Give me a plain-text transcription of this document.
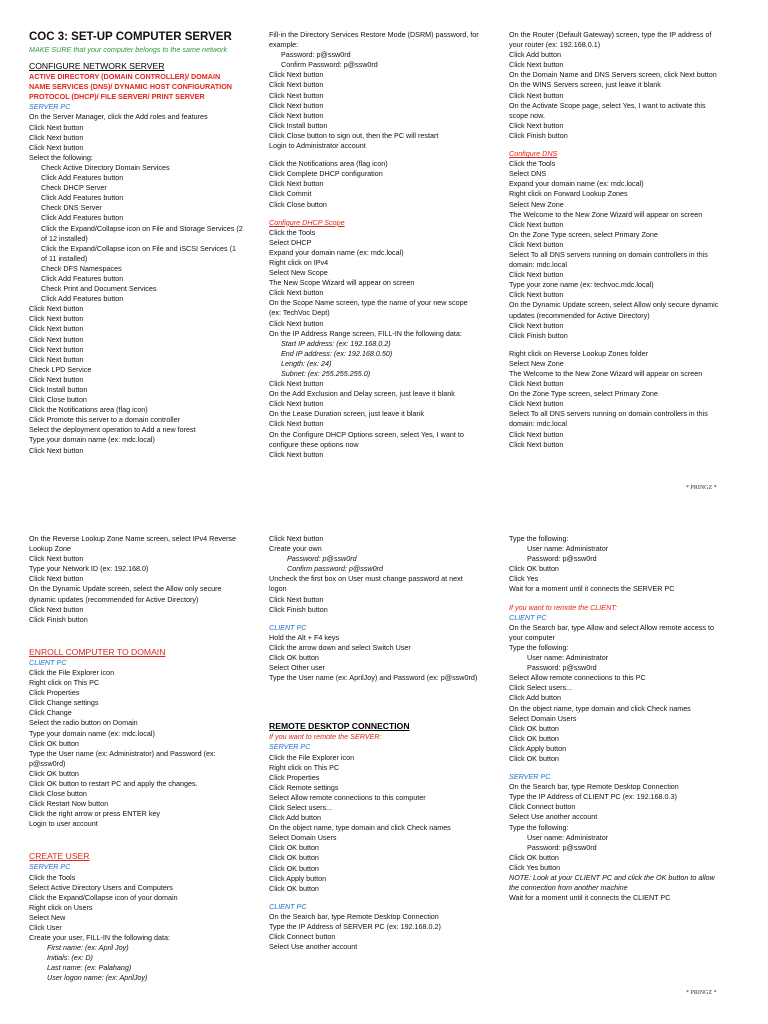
COC 3: SET-UP COMPUTER SERVER
MAKE SURE that your computer belongs to the same network
CONFIGURE NETWORK SERVER
ACTIVE DIRECTORY (DOMAIN CONTROLLER)/ DOMAIN NAME SERVICES (DNS)/ DYNAMIC HOST CONFIGURATION PROTOCOL (DHCP)/ FILE SERVER/ PRINT SERVER
SERVER PC
On the Server Manager, click the Add roles and features
Click Next button
Click Next button
Click Next button
Select the following:
Check Active Directory Domain Services
Click Add Features button
Check DHCP Server
Click Add Features button
Check DNS Server
Click Add Features button
Click the Expand/Collapse icon on File and Storage Services (2 of 12 installed)
Click the Expand/Collapse icon on File and iSCSI Services (1 of 11 installed)
Check DFS Namespaces
Click Add Features button
Check Print and Document Services
Click Add Features button
Click Next button
Click Next button
Click Next button
Click Next button
Click Next button
Click Next button
Check LPD Service
Click Next button
Click Install button
Click Close button
Click the Notifications area (flag icon)
Click Promote this server to a domain controller
Select the deployment operation to Add a new forest
Type your domain name (ex: mdc.local)
Click Next button
Fill-in the Directory Services Restore Mode (DSRM) password, for example:
Password: p@ssw0rd
Confirm Password: p@ssw0rd
Click Next button
Click Next button
Click Next button
Click Next button
Click Next button
Click Install button
Click Close button to sign out, then the PC will restart
Login to Administrator account
Click the Notifications area (flag icon)
Click Complete DHCP configuration
Click Next button
Click Commit
Click Close button
Configure DHCP Scope
Click the Tools
Select DHCP
Expand your domain name (ex: mdc.local)
Right click on IPv4
Select New Scope
The New Scope Wizard will appear on screen
Click Next button
On the Scope Name screen, type the name of your new scope (ex: TechVoc Dept)
Click Next button
On the IP Address Range screen, FILL-IN the following data:
Start IP address: (ex: 192.168.0.2)
End IP address: (ex: 192.168.0.50)
Length: (ex: 24)
Subnet: (ex: 255.255.255.0)
Click Next button
On the Add Exclusion and Delay screen, just leave it blank
Click Next button
On the Lease Duration screen, just leave it blank
Click Next button
On the Configure DHCP Options screen, select Yes, I want to configure these options now
Click Next button
On the Router (Default Gateway) screen, type the IP address of your router (ex: 192.168.0.1)
Click Add button
Click Next button
On the Domain Name and DNS Servers screen, click Next button
On the WINS Servers screen, just leave it blank
Click Next button
On the Activate Scope page, select Yes, I want to activate this scope now.
Click Next button
Click Finish button
Configure DNS
Click the Tools
Select DNS
Expand your domain name (ex: mdc.local)
Right click on Forward Lookup Zones
Select New Zone
The Welcome to the New Zone Wizard will appear on screen
Click Next button
On the Zone Type screen, select Primary Zone
Click Next button
Select To all DNS servers running on domain controllers in this domain: mdc.local
Click Next button
Type your zone name (ex: techvoc.mdc.local)
Click Next button
On the Dynamic Update screen, select Allow only secure dynamic updates (recommended for Active Directory)
Click Next button
Click Finish button
Right click on Reverse Lookup Zones folder
Select New Zone
The Welcome to the New Zone Wizard will appear on screen
Click Next button
On the Zone Type screen, select Primary Zone
Click Next button
Select To all DNS servers running on domain controllers in this domain: mdc.local
Click Next button
Click Next button
* PRINGZ *
On the Reverse Lookup Zone Name screen, select IPv4 Reverse Lookup Zone
Click Next button
Type your Network ID (ex: 192.168.0)
Click Next button
On the Dynamic Update screen, select the Allow only secure dynamic updates (recommended for Active Directory)
Click Next button
Click Finish button
ENROLL COMPUTER TO DOMAIN
CLIENT PC
Click the File Explorer icon
Right click on This PC
Click Properties
Click Change settings
Click Change
Select the radio button on Domain
Type your domain name (ex: mdc.local)
Click OK button
Type the User name (ex: Administrator) and Password (ex: p@ssw0rd)
Click OK button
Click OK button to restart PC and apply the changes.
Click Close button
Click Restart Now button
Click the right arrow or press ENTER key
Login to user account
CREATE USER
SERVER PC
Click the Tools
Select Active Directory Users and Computers
Click the Expand/Collapse icon of your domain
Right click on Users
Select New
Click User
Create your user, FILL-IN the following data:
First name: (ex: April Joy)
Initials: (ex: D)
Last name: (ex: Palahang)
User logon name: (ex: AprilJoy)
Click Next button
Create your own
Password: p@ssw0rd
Confirm password: p@ssw0rd
Uncheck the first box on User must change password at next logon
Click Next button
Click Finish button
CLIENT PC
Hold the Alt + F4 keys
Click the arrow down and select Switch User
Click OK button
Select Other user
Type the User name (ex: AprilJoy) and Password (ex: p@ssw0rd)
REMOTE DESKTOP CONNECTION
If you want to remote the SERVER:
SERVER PC
Click the File Explorer icon
Right click on This PC
Click Properties
Click Remote settings
Select Allow remote connections to this computer
Click Select users...
Click Add button
On the object name, type domain and click Check names
Select Domain Users
Click OK button
Click OK button
Click OK button
Click Apply button
Click OK button
CLIENT PC
On the Search bar, type Remote Desktop Connection
Type the IP Address of SERVER PC (ex: 192.168.0.2)
Click Connect button
Select Use another account
Type the following:
User name: Administrator
Password: p@ssw0rd
Click OK button
Click Yes
Wait for a moment until it connects the SERVER PC
If you want to remote the CLIENT:
CLIENT PC
On the Search bar, type Allow and select Allow remote access to your computer
Type the following:
User name: Administrator
Password: p@ssw0rd
Select Allow remote connections to this PC
Click Select users...
Click Add button
On the object name, type domain and click Check names
Select Domain Users
Click OK button
Click OK button
Click Apply button
Click OK button
SERVER PC
On the Search bar, type Remote Desktop Connection
Type the IP Address of CLIENT PC (ex: 192.168.0.3)
Click Connect button
Select Use another account
Type the following:
User name: Administrator
Password: p@ssw0rd
Click OK button
Click Yes button
NOTE: Look at your CLIENT PC and click the OK button to allow the connection from another machine
Wait for a moment until it connects the CLIENT PC
* PRINGZ *
